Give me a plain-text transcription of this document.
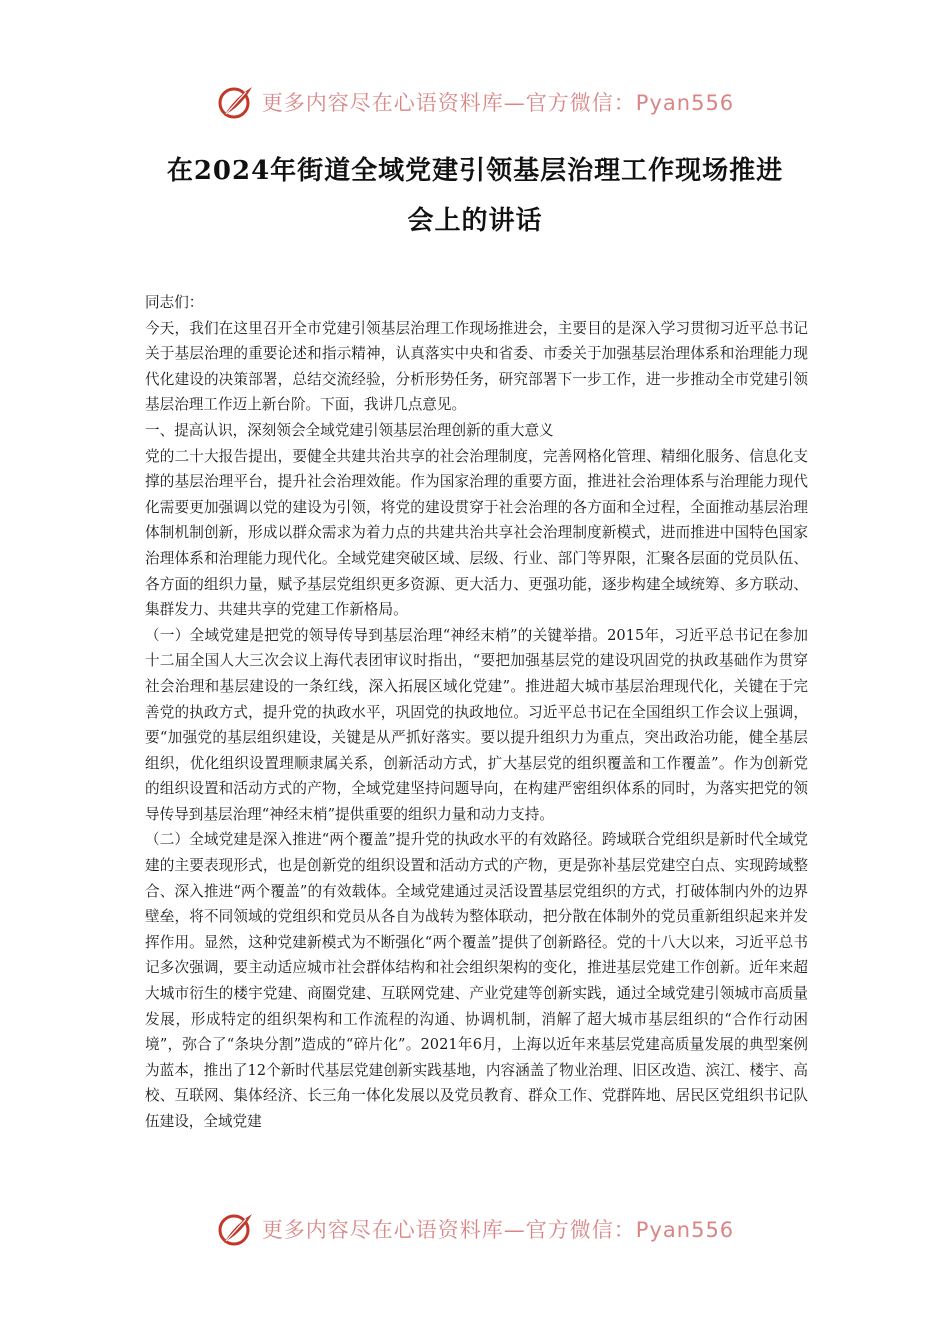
更多内容尽在心语资料库—官方微信：Pyan556
在2024年街道全域党建引领基层治理工作现场推进
会上的讲话

同志们：

今天，我们在这里召开全市党建引领基层治理工作现场推进会，主要目的是深入学习贯彻习近平总书记关于基层治理的重要论述和指示精神，认真落实中央和省委、市委关于加强基层治理体系和治理能力现代化建设的决策部署，总结交流经验，分析形势任务，研究部署下一步工作，进一步推动全市党建引领基层治理工作迈上新台阶。下面，我讲几点意见。

一、提高认识，深刻领会全域党建引领基层治理创新的重大意义

党的二十大报告提出，要健全共建共治共享的社会治理制度，完善网格化管理、精细化服务、信息化支撑的基层治理平台，提升社会治理效能。作为国家治理的重要方面，推进社会治理体系与治理能力现代化需要更加强调以党的建设为引领，将党的建设贯穿于社会治理的各方面和全过程，全面推动基层治理体制机制创新，形成以群众需求为着力点的共建共治共享社会治理制度新模式，进而推进中国特色国家治理体系和治理能力现代化。全域党建突破区域、层级、行业、部门等界限，汇聚各层面的党员队伍、各方面的组织力量，赋予基层党组织更多资源、更大活力、更强功能，逐步构建全域统筹、多方联动、集群发力、共建共享的党建工作新格局。

（一）全域党建是把党的领导传导到基层治理“神经末梢”的关键举措。2015年，习近平总书记在参加十二届全国人大三次会议上海代表团审议时指出，“要把加强基层党的建设巩固党的执政基础作为贯穿社会治理和基层建设的一条红线，深入拓展区域化党建”。推进超大城市基层治理现代化，关键在于完善党的执政方式，提升党的执政水平，巩固党的执政地位。习近平总书记在全国组织工作会议上强调，要“加强党的基层组织建设，关键是从严抓好落实。要以提升组织力为重点，突出政治功能，健全基层组织，优化组织设置理顺隶属关系，创新活动方式，扩大基层党的组织覆盖和工作覆盖”。作为创新党的组织设置和活动方式的产物，全域党建坚持问题导向，在构建严密组织体系的同时，为落实把党的领导传导到基层治理“神经末梢”提供重要的组织力量和动力支持。

（二）全域党建是深入推进“两个覆盖”提升党的执政水平的有效路径。跨域联合党组织是新时代全域党建的主要表现形式，也是创新党的组织设置和活动方式的产物，更是弥补基层党建空白点、实现跨域整合、深入推进“两个覆盖”的有效载体。全域党建通过灵活设置基层党组织的方式，打破体制内外的边界壁垒，将不同领域的党组织和党员从各自为战转为整体联动，把分散在体制外的党员重新组织起来并发挥作用。显然，这种党建新模式为不断强化“两个覆盖”提供了创新路径。党的十八大以来，习近平总书记多次强调，要主动适应城市社会群体结构和社会组织架构的变化，推进基层党建工作创新。近年来超大城市衍生的楼宇党建、商圈党建、互联网党建、产业党建等创新实践，通过全域党建引领城市高质量发展，形成特定的组织架构和工作流程的沟通、协调机制，消解了超大城市基层组织的“合作行动困境”，弥合了“条块分割”造成的“碎片化”。2021年6月，上海以近年来基层党建高质量发展的典型案例为蓝本，推出了12个新时代基层党建创新实践基地，内容涵盖了物业治理、旧区改造、滨江、楼宇、高校、互联网、集体经济、长三角一体化发展以及党员教育、群众工作、党群阵地、居民区党组织书记队伍建设，全域党建

更多内容尽在心语资料库—官方微信：Pyan556
